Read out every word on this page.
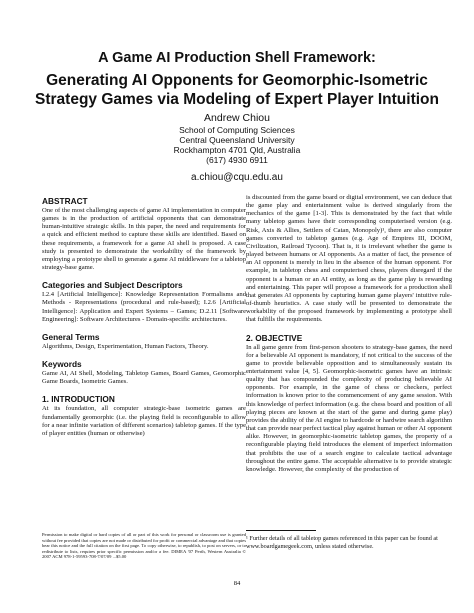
A Game AI Production Shell Framework:
Generating AI Opponents for Geomorphic-Isometric Strategy Games via Modeling of Expert Player Intuition
Andrew Chiou
School of Computing Sciences
Central Queensland University
Rockhampton 4701 Qld, Australia
(617) 4930 6911
a.chiou@cqu.edu.au
ABSTRACT

One of the most challenging aspects of game AI implementation in computer games is in the production of artificial opponents that can demonstrate human-intuitive strategic skills. In this paper, the need and requirements for a quick and efficient method to capture these skills are identified. Based on these requirements, a framework for a game AI shell is proposed. A case study is presented to demonstrate the workability of the framework by employing a prototype shell to generate a game AI middleware for a tabletop strategy-base game.

Categories and Subject Descriptors

I.2.4 [Artificial Intelligence]: Knowledge Representation Formalisms and Methods - Representations (procedural and rule-based); I.2.6 [Artificial Intelligence]: Application and Expert Systems – Games; D.2.11 [Software Engineering]: Software Architectures - Domain-specific architectures.

General Terms

Algorithms, Design, Experimentation, Human Factors, Theory.

Keywords

Game AI, AI Shell, Modeling, Tabletop Games, Board Games, Geomorphic Game Boards, Isometric Games.

1. INTRODUCTION

At its foundation, all computer strategic-base isometric games are fundamentally geomorphic (i.e. the playing field is reconfigurable to allow for a near infinite variation of different scenarios) tabletop games. If the type of player entities (human or otherwise)

Permission to make digital or hard copies of all or part of this work for personal or classroom use is granted without fee provided that copies are not made or distributed for profit or commercial advantage and that copies bear this notice and the full citation on the first page. To copy otherwise, to republish, to post on servers, or to redistribute to lists, requires prior specific permission and/or a fee. DIMEA '07 Perth, Western Australia © 2007 ACM 978-1-59593-708-7/07/09 ...$5.00

is discounted from the game board or digital environment, we can deduce that the game play and entertainment value is derived singularly from the mechanics of the game [1-3]. This is demonstrated by the fact that while many tabletop games have their corresponding computerised version (e.g. Risk, Axis & Allies, Settlers of Catan, Monopoly)¹, there are also computer games converted to tabletop games (e.g. Age of Empires III, DOOM, Civilization, Railroad Tycoon). That is, it is irrelevant whether the game is played between humans or AI opponents. As a matter of fact, the presence of an AI opponent is merely in lieu in the absence of the human opponent. For example, in tabletop chess and computerised chess, players disregard if the opponent is a human or an AI entity, as long as the game play is rewarding and entertaining. This paper will propose a framework for a production shell that generates AI opponents by capturing human game players' intuitive rule-of-thumb heuristics. A case study will be presented to demonstrate the workability of the proposed framework by implementing a prototype shell that fulfills the requirements.

2. OBJECTIVE

In all game genre from first-person shooters to strategy-base games, the need for a believable AI opponent is mandatory, if not critical to the success of the game to provide believable opposition and to simultaneously sustain its entertainment value [4, 5]. Geomorphic-isometric games have an intrinsic quality that has compounded the complexity of producing believable AI opponents. For example, in the game of chess or checkers, perfect information is known prior to the commencement of any game session. With this knowledge of perfect information (e.g. the chess board and position of all playing pieces are known at the start of the game and during game play) provides the ability of the AI engine to hardcode or hardwire search algorithm that can provide near perfect tactical play against human or other AI opponent alike. However, in geomorphic-isometric tabletop games, the property of a reconfigurable playing field introduces the element of imperfect information that prohibits the use of a search engine to calculate tactical advantage throughout the entire game. The acceptable alternative is to provide strategic knowledge. However, the complexity of the production of

¹ Further details of all tabletop games referenced in this paper can be found at www.boardgamegeek.com, unless stated otherwise.
84
